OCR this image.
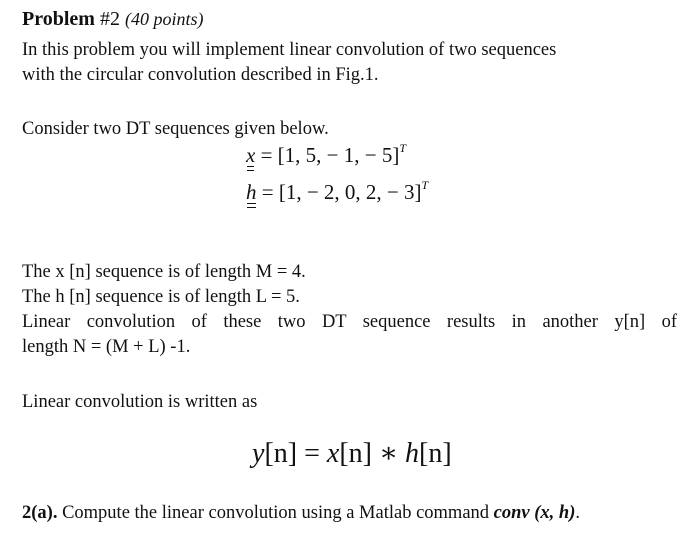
Problem #2 (40 points)
In this problem you will implement linear convolution of two sequences
with the circular convolution described in Fig.1.
Consider two DT sequences given below.
x = [1, 5, − 1, − 5]$^T$
h = [1, − 2, 0, 2, − 3]$^T$
The x [n] sequence is of length M = 4.
The h [n] sequence is of length L = 5.
Linear convolution of these two DT sequence results in another y[n] of
length N = (M + L) -1.
Linear convolution is written as
y[n] = x[n] ∗ h[n]
2(a). Compute the linear convolution using a Matlab command conv (x, h).
